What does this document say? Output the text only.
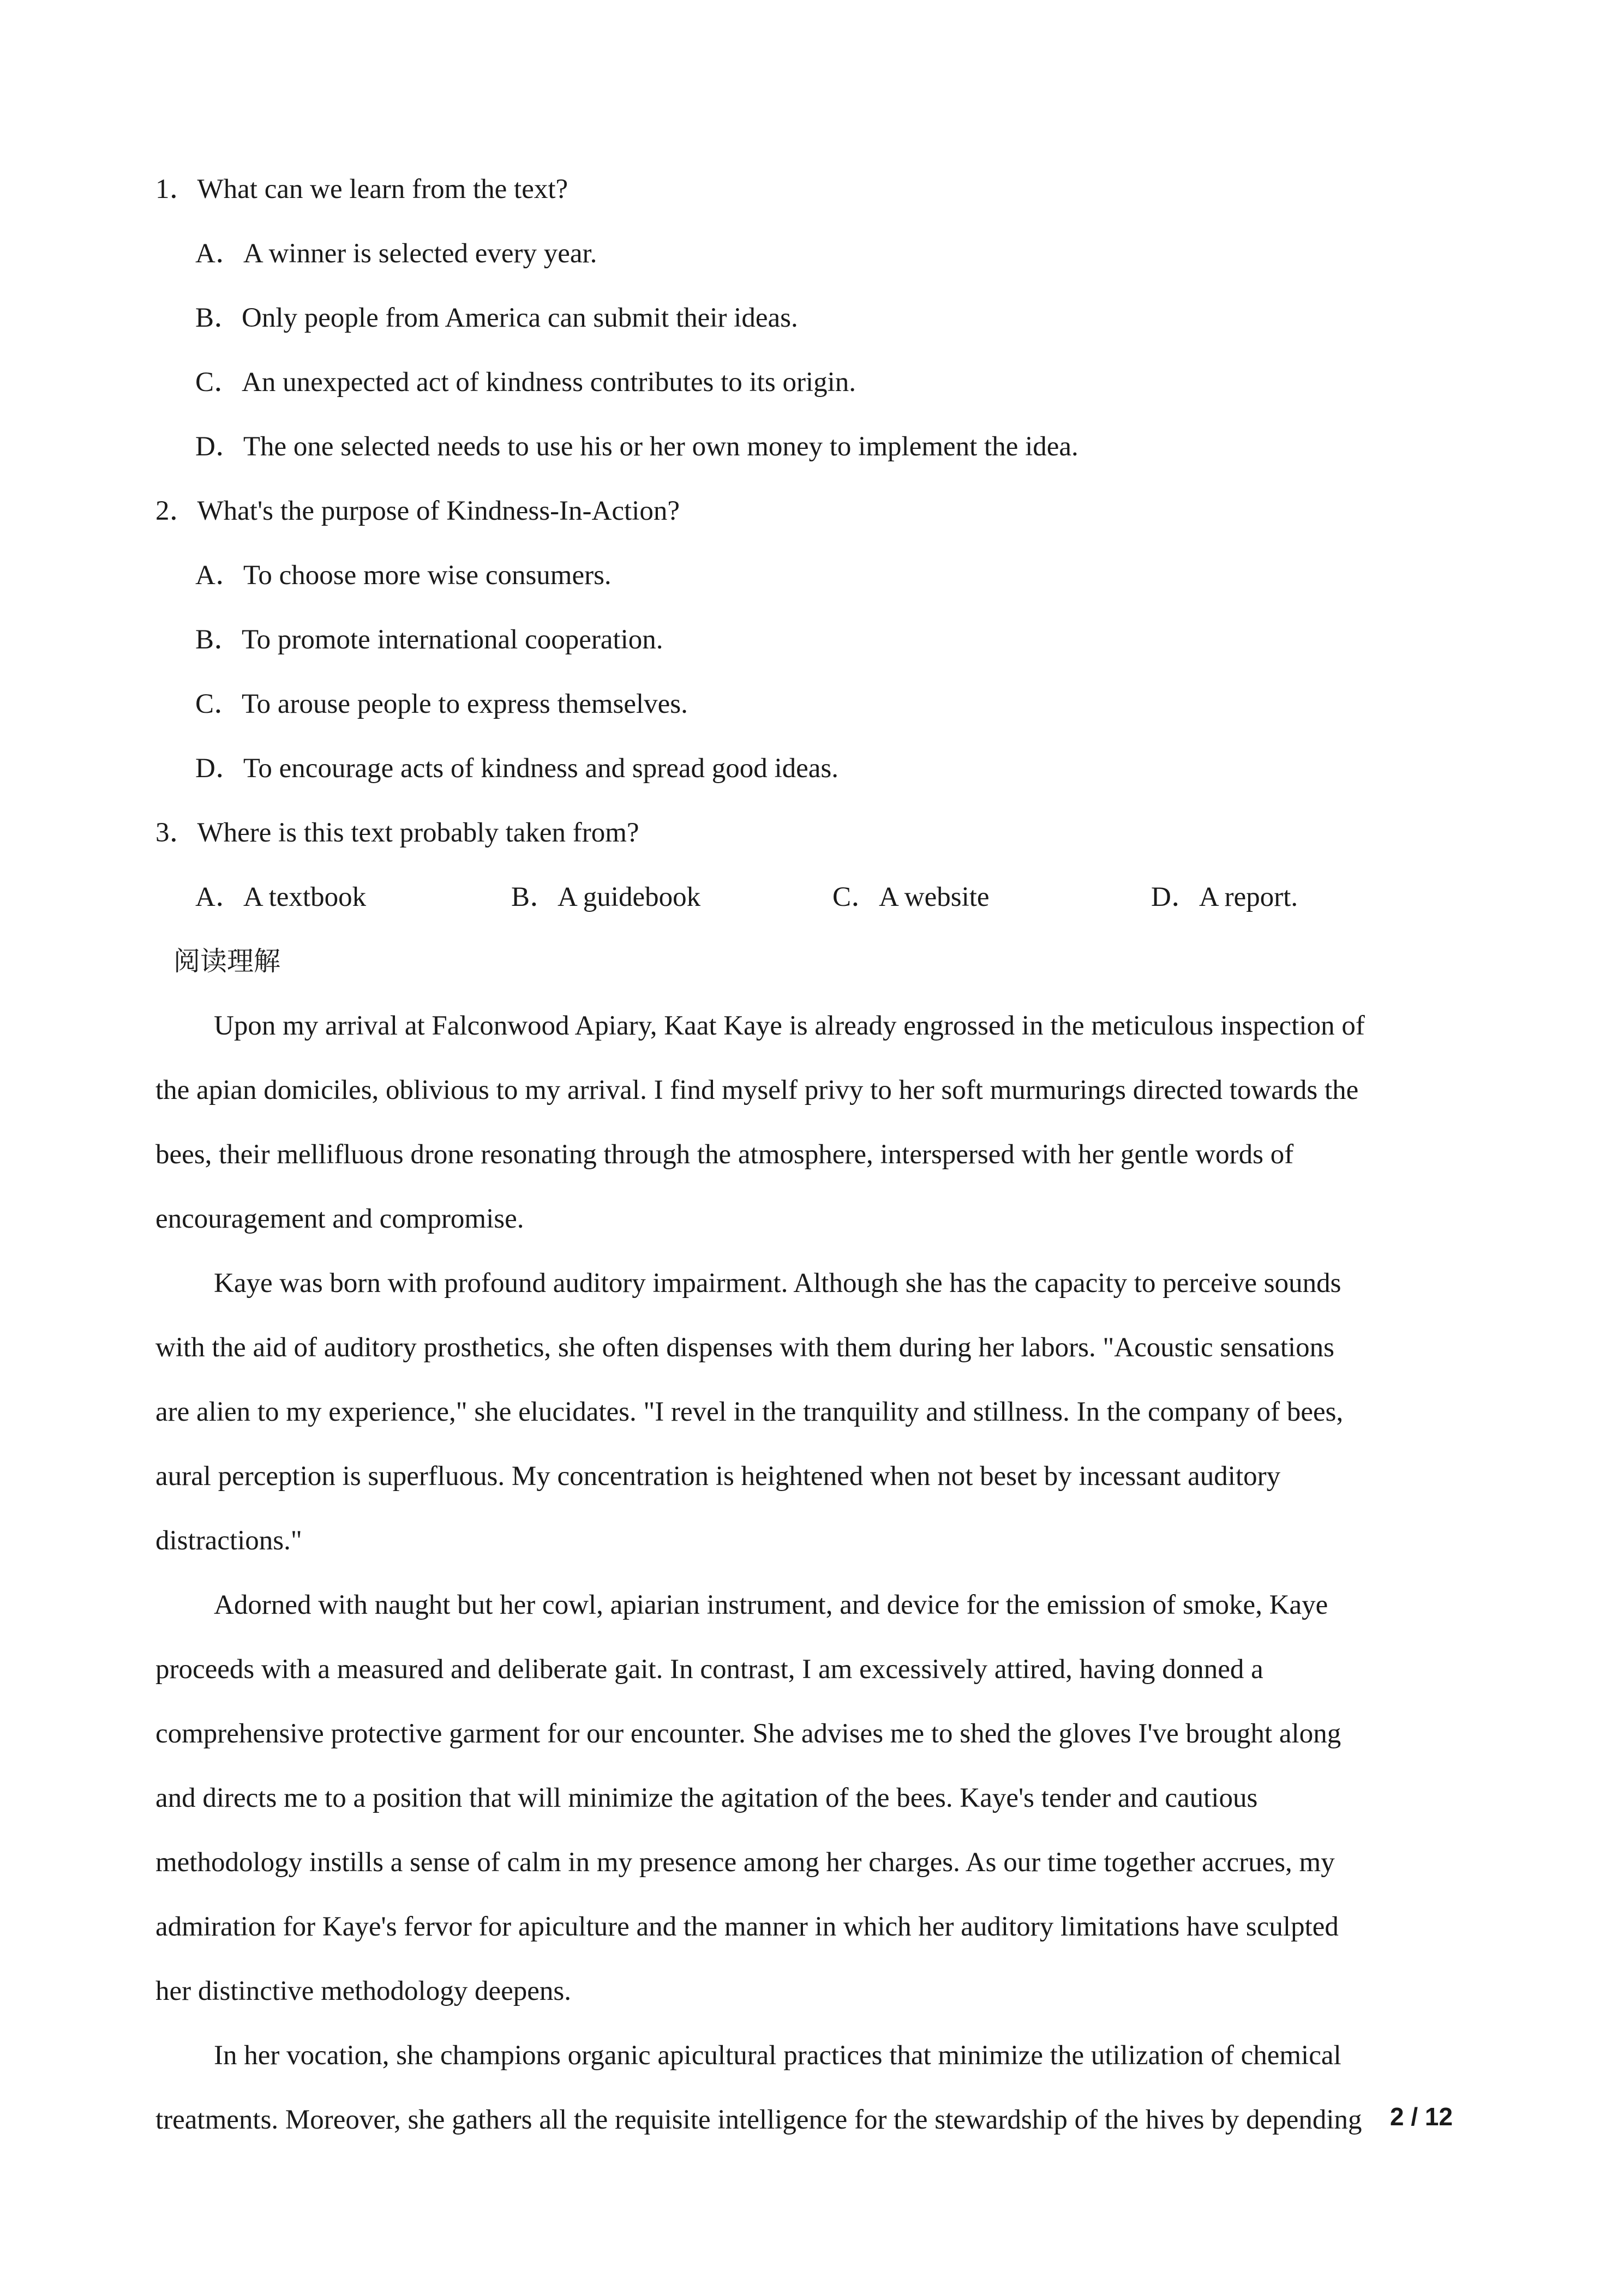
1．What can we learn from the text?

A．A winner is selected every year.

B．Only people from America can submit their ideas.

C．An unexpected act of kindness contributes to its origin.

D．The one selected needs to use his or her own money to implement the idea.

2．What's the purpose of Kindness-In-Action?

A．To choose more wise consumers.

B．To promote international cooperation.

C．To arouse people to express themselves.

D．To encourage acts of kindness and spread good ideas.

3．Where is this text probably taken from?

A．A textbook	B．A guidebook	C．A website	D．A report.

阅读理解

Upon my arrival at Falconwood Apiary, Kaat Kaye is already engrossed in the meticulous inspection of

the apian domiciles, oblivious to my arrival. I find myself privy to her soft murmurings directed towards the

bees, their mellifluous drone resonating through the atmosphere, interspersed with her gentle words of

encouragement and compromise.

Kaye was born with profound auditory impairment. Although she has the capacity to perceive sounds

with the aid of auditory prosthetics, she often dispenses with them during her labors. "Acoustic sensations

are alien to my experience," she elucidates. "I revel in the tranquility and stillness. In the company of bees,

aural perception is superfluous. My concentration is heightened when not beset by incessant auditory

distractions."

Adorned with naught but her cowl, apiarian instrument, and device for the emission of smoke, Kaye

proceeds with a measured and deliberate gait. In contrast, I am excessively attired, having donned a

comprehensive protective garment for our encounter. She advises me to shed the gloves I've brought along

and directs me to a position that will minimize the agitation of the bees. Kaye's tender and cautious

methodology instills a sense of calm in my presence among her charges. As our time together accrues, my

admiration for Kaye's fervor for apiculture and the manner in which her auditory limitations have sculpted

her distinctive methodology deepens.

In her vocation, she champions organic apicultural practices that minimize the utilization of chemical

treatments. Moreover, she gathers all the requisite intelligence for the stewardship of the hives by depending 2 / 12
